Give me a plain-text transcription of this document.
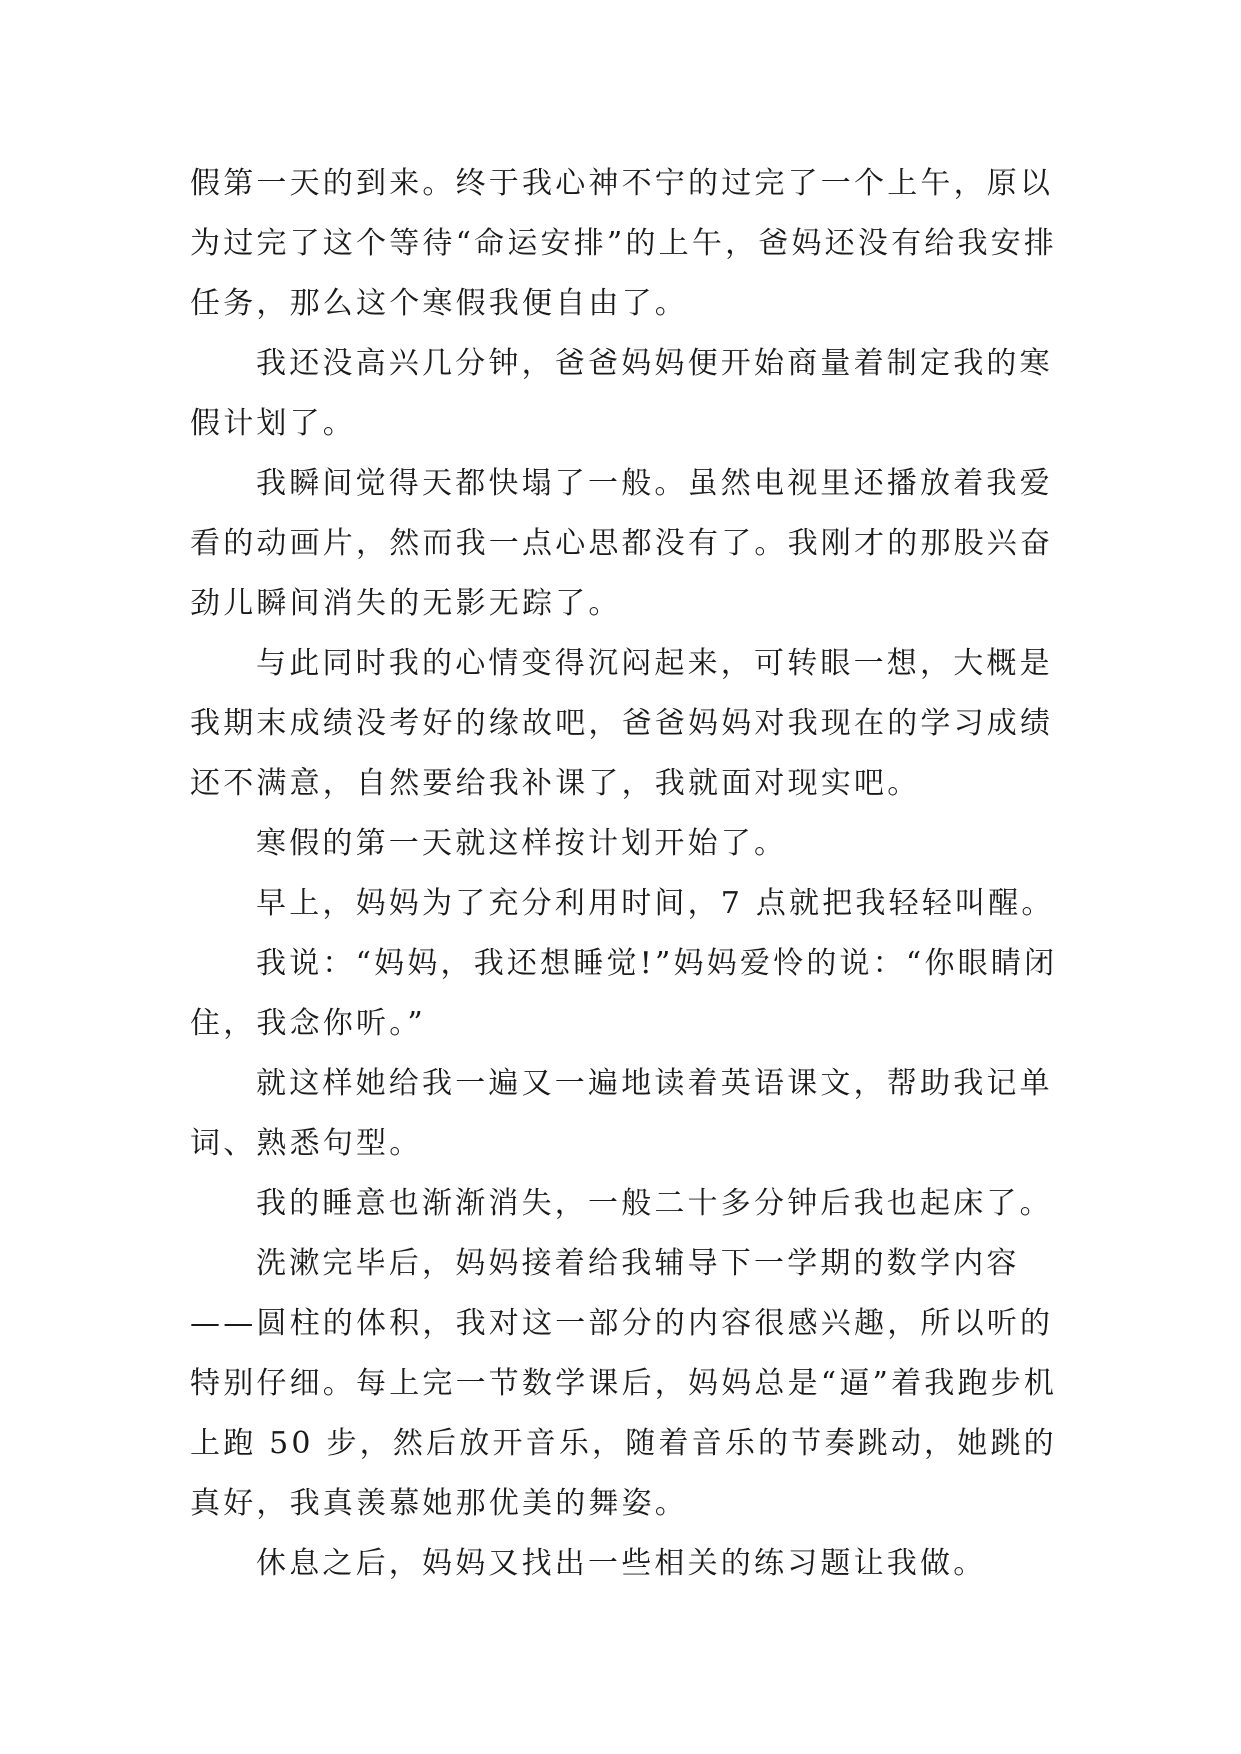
假第一天的到来。终于我心神不宁的过完了一个上午，原以为过完了这个等待“命运安排”的上午，爸妈还没有给我安排任务，那么这个寒假我便自由了。

我还没高兴几分钟，爸爸妈妈便开始商量着制定我的寒假计划了。

我瞬间觉得天都快塌了一般。虽然电视里还播放着我爱看的动画片，然而我一点心思都没有了。我刚才的那股兴奋劲儿瞬间消失的无影无踪了。

与此同时我的心情变得沉闷起来，可转眼一想，大概是我期末成绩没考好的缘故吧，爸爸妈妈对我现在的学习成绩还不满意，自然要给我补课了，我就面对现实吧。

寒假的第一天就这样按计划开始了。

早上，妈妈为了充分利用时间，7 点就把我轻轻叫醒。

我说：“妈妈，我还想睡觉!”妈妈爱怜的说：“你眼睛闭住，我念你听。”

就这样她给我一遍又一遍地读着英语课文，帮助我记单词、熟悉句型。

我的睡意也渐渐消失，一般二十多分钟后我也起床了。

洗漱完毕后，妈妈接着给我辅导下一学期的数学内容——圆柱的体积，我对这一部分的内容很感兴趣，所以听的特别仔细。每上完一节数学课后，妈妈总是“逼”着我跑步机上跑 50 步，然后放开音乐，随着音乐的节奏跳动，她跳的真好，我真羡慕她那优美的舞姿。

休息之后，妈妈又找出一些相关的练习题让我做。
